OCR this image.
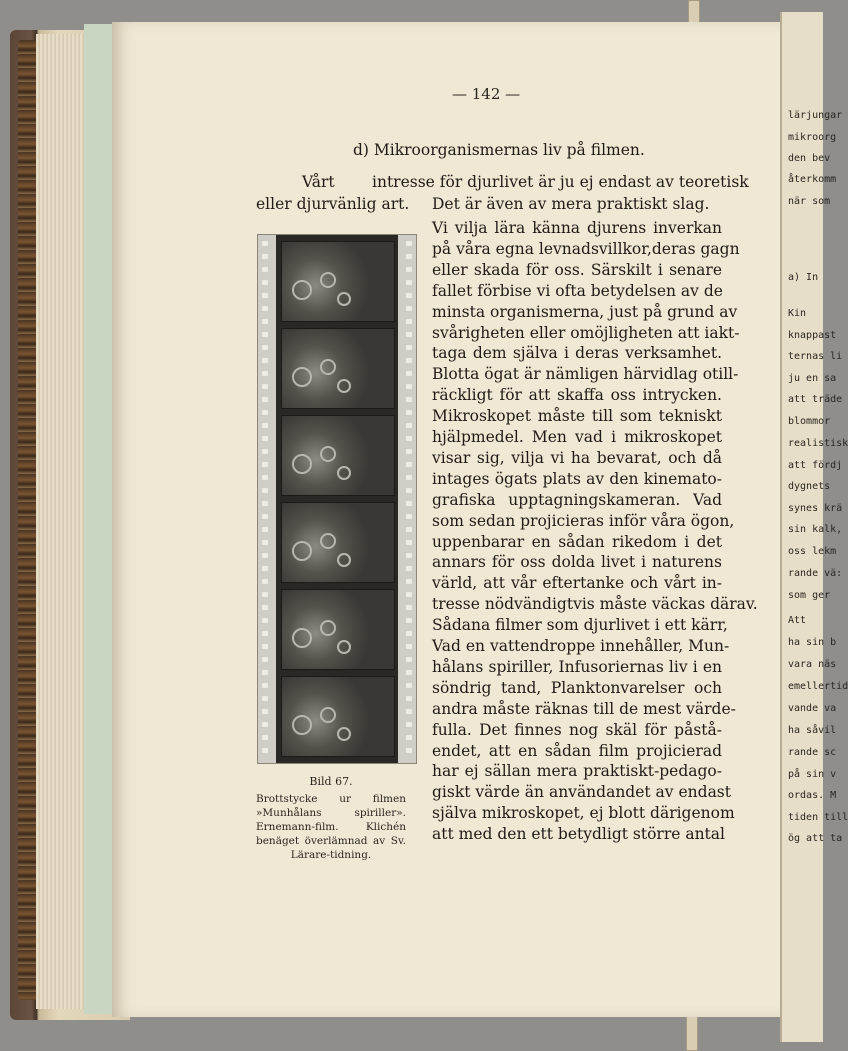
— 142 —
d) Mikroorganismernas liv på filmen.
Vårt intresse för djurlivet är ju ej endast av teoretisk
eller djurvänlig art. Det är även av mera praktiskt slag.
Vi vilja lära känna djurens inverkan
på våra egna levnadsvillkor,deras gagn
eller skada för oss. Särskilt i senare
fallet förbise vi ofta betydelsen av de
minsta organismerna, just på grund av
svårigheten eller omöjligheten att iakt-
taga dem själva i deras verksamhet.
Blotta ögat är nämligen härvidlag otill-
räckligt för att skaffa oss intrycken.
Mikroskopet måste till som tekniskt
hjälpmedel. Men vad i mikroskopet
visar sig, vilja vi ha bevarat, och då
intages ögats plats av den kinemato-
grafiska upptagningskameran. Vad
som sedan projicieras inför våra ögon,
uppenbarar en sådan rikedom i det
annars för oss dolda livet i naturens
värld, att vår eftertanke och vårt in-
tresse nödvändigtvis måste väckas därav.
Sådana filmer som djurlivet i ett kärr,
Vad en vattendroppe innehåller, Mun-
hålans spiriller, Infusoriernas liv i en
söndrig tand, Planktonvarelser och
andra måste räknas till de mest värde-
fulla. Det finnes nog skäl för påstå-
endet, att en sådan film projicierad
har ej sällan mera praktiskt-pedago-
giskt värde än användandet av endast
själva mikroskopet, ej blott därigenom
att med den ett betydligt större antal
Bild 67.
Brottstycke ur filmen »Munhålans spiriller». Ernemann-film. Klichén benäget överlämnad av Sv. Lärare-tidning.
lärjungar
mikroorg
den bev
återkomm
när som
a) In
Kin
knappast
ternas li
ju en sa
att träde
blommor
realistisk
att fördj
dygnets
synes krä
sin kalk,
oss lekm
rande vä:
som ger
Att
ha sin b
vara näs
emellertid
vande va
ha såvil
rande sc
på sin v
ordas. M
tiden till
ög att ta
